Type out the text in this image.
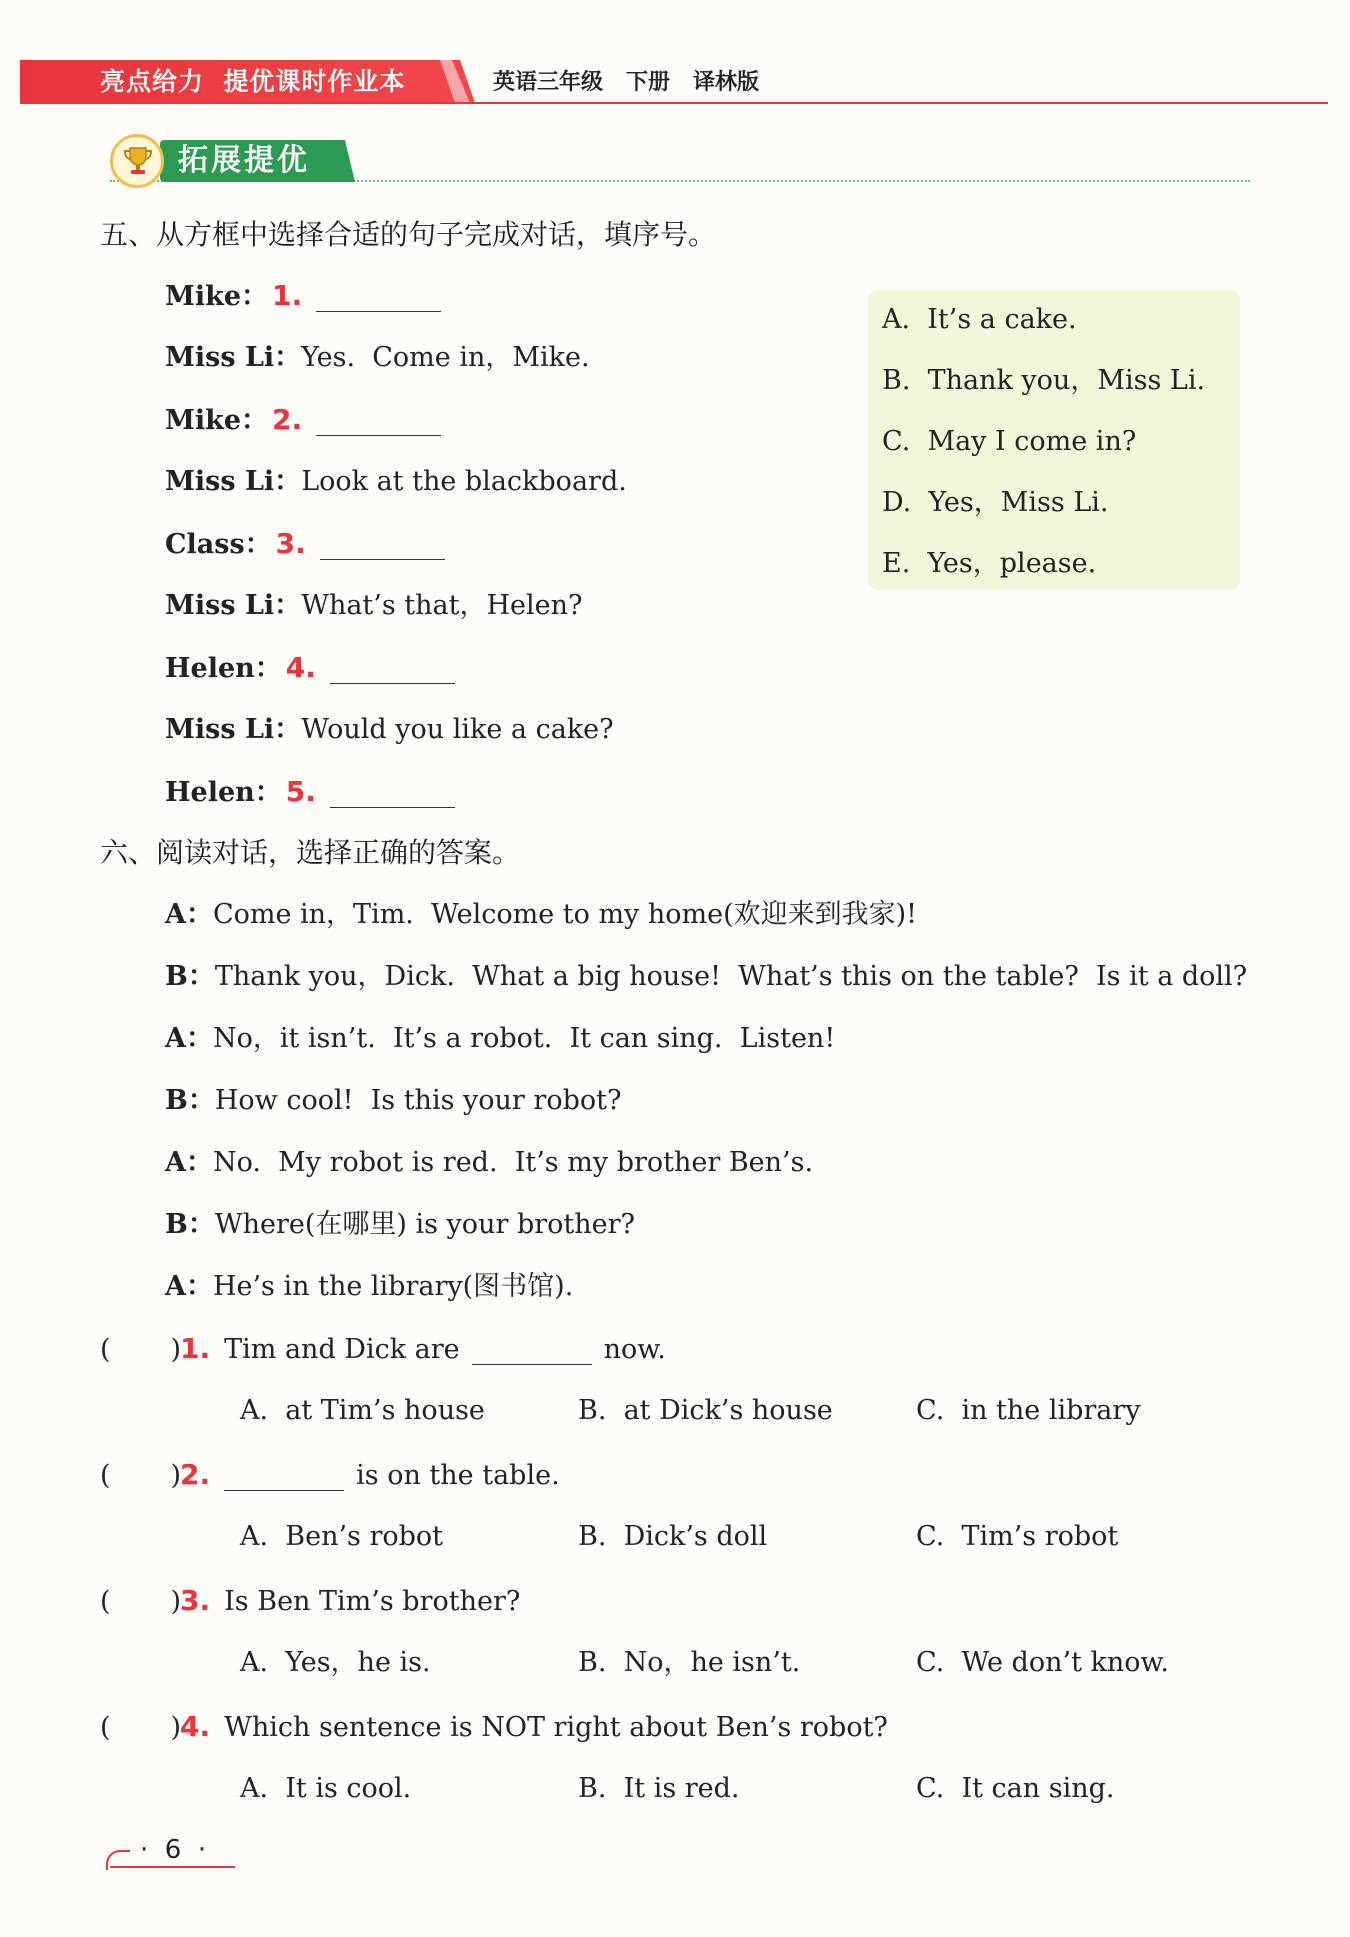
亮点给力  提优课时作业本	英语三年级   下册   译林版
拓展提优
五、从方框中选择合适的句子完成对话，填序号。
Mike： 1.
Miss Li：Yes.  Come in，Mike.
Mike： 2.
Miss Li：Look at the blackboard.
Class： 3.
Miss Li：What’s that，Helen?
Helen： 4.
Miss Li：Would you like a cake?
Helen： 5.
A.  It’s a cake.
B.  Thank you，Miss Li.
C.  May I come in?
D.  Yes，Miss Li.
E.  Yes，please.
六、阅读对话，选择正确的答案。
A：Come in，Tim.  Welcome to my home(欢迎来到我家)!
B：Thank you，Dick.  What a big house!  What’s this on the table?  Is it a doll?
A：No，it isn’t.  It’s a robot.  It can sing.  Listen!
B：How cool!  Is this your robot?
A：No.  My robot is red.  It’s my brother Ben’s.
B：Where(在哪里) is your brother?
A：He’s in the library(图书馆).
( )1. Tim and Dick are	now.
A.  at Tim’s house	B.  at Dick’s house	C.  in the library
( )2.	is on the table.
A.  Ben’s robot	B.  Dick’s doll	C.  Tim’s robot
( )3. Is Ben Tim’s brother?
A.  Yes，he is.	B.  No，he isn’t.	C.  We don’t know.
( )4. Which sentence is NOT right about Ben’s robot?
A.  It is cool.	B.  It is red.	C.  It can sing.
·  6  ·
